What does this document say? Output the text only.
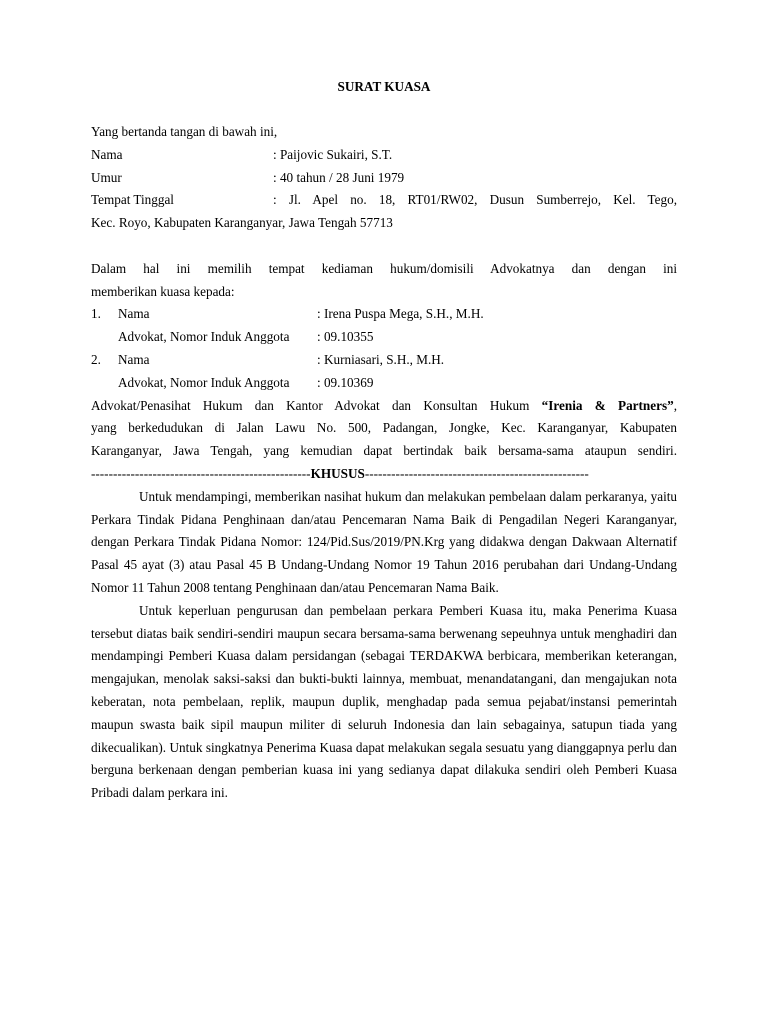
SURAT KUASA
Yang bertanda tangan di bawah ini,
Nama	: Paijovic Sukairi, S.T.
Umur	: 40 tahun / 28 Juni 1979
Tempat Tinggal	: Jl. Apel no. 18, RT01/RW02, Dusun Sumberrejo, Kel. Tego,
Kec. Royo, Kabupaten Karanganyar, Jawa Tengah 57713
Dalam hal ini memilih tempat kediaman hukum/domisili Advokatnya dan dengan ini
memberikan kuasa kepada:
1.	Nama	: Irena Puspa Mega, S.H., M.H.
Advokat, Nomor Induk Anggota	: 09.10355
2.	Nama	: Kurniasari, S.H., M.H.
Advokat, Nomor Induk Anggota	: 09.10369
Advokat/Penasihat Hukum dan Kantor Advokat dan Konsultan Hukum “Irenia & Partners”,
yang berkedudukan di Jalan Lawu No. 500, Padangan, Jongke, Kec. Karanganyar, Kabupaten
Karanganyar, Jawa Tengah, yang kemudian dapat bertindak baik bersama-sama ataupun sendiri.
--------------------------------------------------KHUSUS---------------------------------------------------
Untuk mendampingi, memberikan nasihat hukum dan melakukan pembelaan dalam perkaranya, yaitu Perkara Tindak Pidana Penghinaan dan/atau Pencemaran Nama Baik di Pengadilan Negeri Karanganyar, dengan Perkara Tindak Pidana Nomor: 124/Pid.Sus/2019/PN.Krg yang didakwa dengan Dakwaan Alternatif Pasal 45 ayat (3) atau Pasal 45 B Undang-Undang Nomor 19 Tahun 2016 perubahan dari Undang-Undang Nomor 11 Tahun 2008 tentang Penghinaan dan/atau Pencemaran Nama Baik.
Untuk keperluan pengurusan dan pembelaan perkara Pemberi Kuasa itu, maka Penerima Kuasa tersebut diatas baik sendiri-sendiri maupun secara bersama-sama berwenang sepeuhnya untuk menghadiri dan mendampingi Pemberi Kuasa dalam persidangan (sebagai TERDAKWA berbicara, memberikan keterangan, mengajukan, menolak saksi-saksi dan bukti-bukti lainnya, membuat, menandatangani, dan mengajukan nota keberatan, nota pembelaan, replik, maupun duplik, menghadap pada semua pejabat/instansi pemerintah maupun swasta baik sipil maupun militer di seluruh Indonesia dan lain sebagainya, satupun tiada yang dikecualikan). Untuk singkatnya Penerima Kuasa dapat melakukan segala sesuatu yang dianggapnya perlu dan berguna berkenaan dengan pemberian kuasa ini yang sedianya dapat dilakuka sendiri oleh Pemberi Kuasa Pribadi dalam perkara ini.
